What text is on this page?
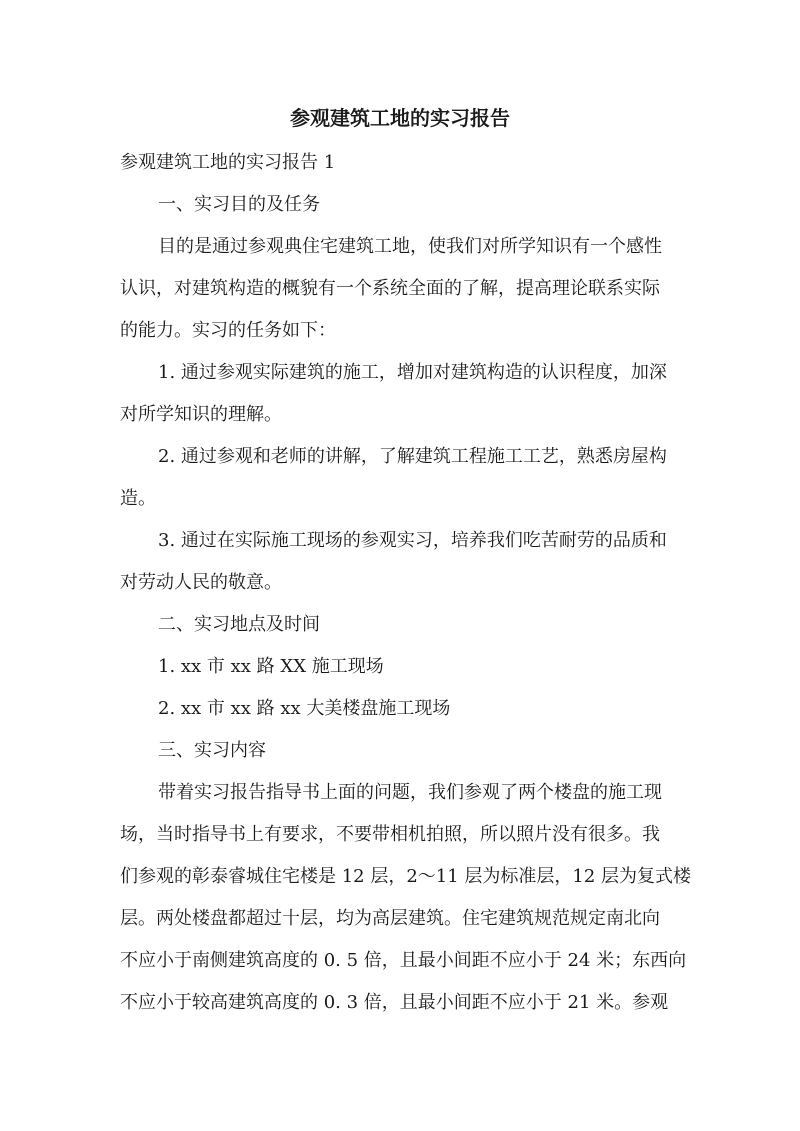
参观建筑工地的实习报告

参观建筑工地的实习报告 1

一、实习目的及任务

目的是通过参观典住宅建筑工地，使我们对所学知识有一个感性

认识，对建筑构造的概貌有一个系统全面的了解，提高理论联系实际

的能力。实习的任务如下：

1. 通过参观实际建筑的施工，增加对建筑构造的认识程度，加深

对所学知识的理解。

2. 通过参观和老师的讲解，了解建筑工程施工工艺，熟悉房屋构

造。

3. 通过在实际施工现场的参观实习，培养我们吃苦耐劳的品质和

对劳动人民的敬意。

二、实习地点及时间

1. xx 市 xx 路 XX 施工现场

2. xx 市 xx 路 xx 大美楼盘施工现场

三、实习内容

带着实习报告指导书上面的问题，我们参观了两个楼盘的施工现

场，当时指导书上有要求，不要带相机拍照，所以照片没有很多。我

们参观的彰泰睿城住宅楼是 12 层，2～11 层为标准层，12 层为复式楼

层。两处楼盘都超过十层，均为高层建筑。住宅建筑规范规定南北向

不应小于南侧建筑高度的 0. 5 倍，且最小间距不应小于 24 米；东西向

不应小于较高建筑高度的 0. 3 倍，且最小间距不应小于 21 米。参观
